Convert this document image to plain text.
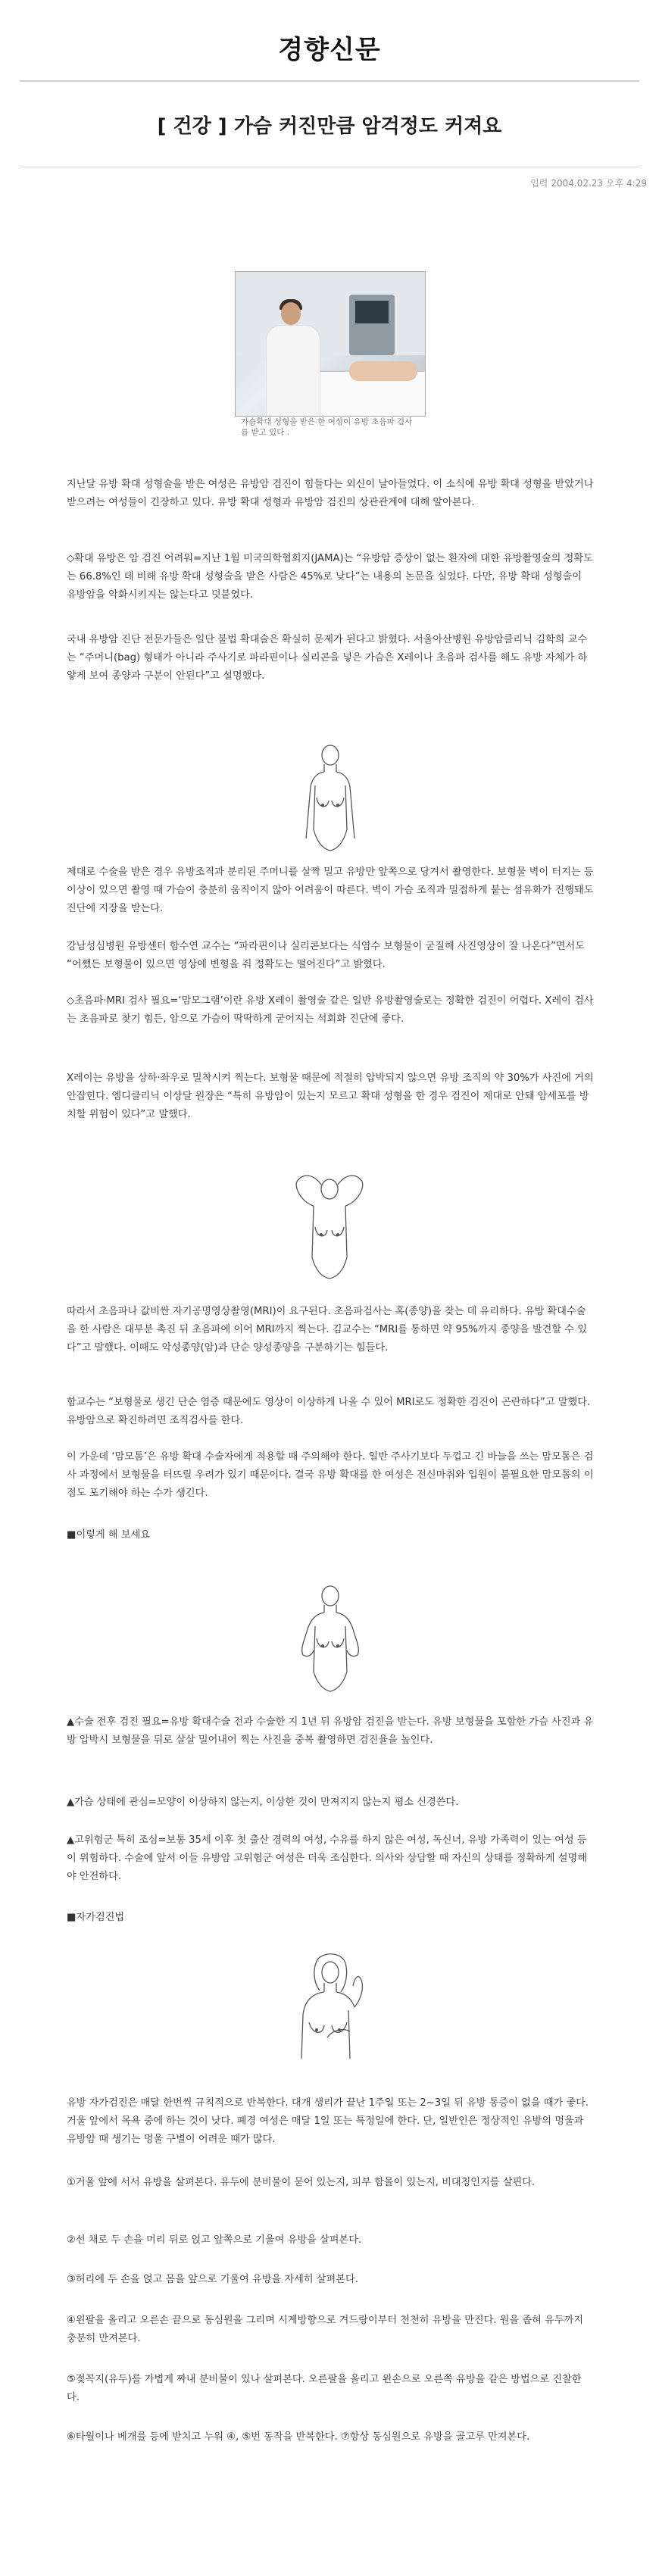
경향신문
[ 건강 ] 가슴 커진만큼 암걱정도 커져요
입력 2004.02.23 오후 4:29
가슴확대 성형을 받은 한 여성이 유방 초음파 검사를 받고 있다 .

지난달 유방 확대 성형술을 받은 여성은 유방암 검진이 힘들다는 외신이 날아들었다. 이 소식에 유방 확대 성형을 받았거나 받으려는 여성들이 긴장하고 있다. 유방 확대 성형과 유방암 검진의 상관관계에 대해 알아본다.

◇확대 유방은 암 검진 어려워=지난 1월 미국의학협회지(JAMA)는 “유방암 증상이 없는 환자에 대한 유방촬영술의 정확도는 66.8%인 데 비해 유방 확대 성형술을 받은 사람은 45%로 낮다”는 내용의 논문을 실었다. 다만, 유방 확대 성형술이 유방암을 악화시키지는 않는다고 덧붙였다.

국내 유방암 진단 전문가들은 일단 불법 확대술은 확실히 문제가 된다고 밝혔다. 서울아산병원 유방암클리닉 김학희 교수는 “주머니(bag) 형태가 아니라 주사기로 파라핀이나 실리콘을 넣은 가슴은 X레이나 초음파 검사를 해도 유방 자체가 하얗게 보여 종양과 구분이 안된다”고 설명했다.

제대로 수술을 받은 경우 유방조직과 분리된 주머니를 살짝 밀고 유방만 앞쪽으로 당겨서 촬영한다. 보형물 벽이 터지는 등 이상이 있으면 촬영 때 가슴이 충분히 움직이지 않아 어려움이 따른다. 벽이 가슴 조직과 밀접하게 붙는 섬유화가 진행돼도 진단에 지장을 받는다.

강남성심병원 유방센터 함수연 교수는 “파라핀이나 실리콘보다는 식염수 보형물이 굳질해 사진영상이 잘 나온다”면서도 “어쨌든 보형물이 있으면 영상에 변형을 줘 정확도는 떨어진다”고 밝혔다.

◇초음파·MRI 검사 필요=‘맘모그램’이란 유방 X레이 촬영술 같은 일반 유방촬영술로는 정확한 검진이 어렵다. X레이 검사는 초음파로 찾기 힘든, 암으로 가슴이 딱딱하게 굳어지는 석회화 진단에 좋다.

X레이는 유방을 상하·좌우로 밀착시켜 찍는다. 보형물 때문에 적절히 압박되지 않으면 유방 조직의 약 30%가 사진에 거의 안잡힌다. 엠디클리닉 이상달 원장은 “특히 유방암이 있는지 모르고 확대 성형을 한 경우 검진이 제대로 안돼 암세포를 방치할 위험이 있다”고 말했다.

따라서 초음파나 값비싼 자기공명영상촬영(MRI)이 요구된다. 초음파검사는 혹(종양)을 찾는 데 유리하다. 유방 확대수술을 한 사람은 대부분 촉진 뒤 초음파에 이어 MRI까지 찍는다. 김교수는 “MRI를 통하면 약 95%까지 종양을 발견할 수 있다”고 말했다. 이때도 악성종양(암)과 단순 양성종양을 구분하기는 힘들다.

함교수는 “보형물로 생긴 단순 염증 때문에도 영상이 이상하게 나올 수 있어 MRI로도 정확한 검진이 곤란하다”고 말했다. 유방암으로 확진하려면 조직검사를 한다.

이 가운데 ‘맘모톰’은 유방 확대 수술자에게 적용할 때 주의해야 한다. 일반 주사기보다 두껍고 긴 바늘을 쓰는 맘모톰은 검사 과정에서 보형물을 터뜨릴 우려가 있기 때문이다. 결국 유방 확대를 한 여성은 전신마취와 입원이 불필요한 맘모톰의 이점도 포기해야 하는 수가 생긴다.

■이렇게 해 보세요

▲수술 전후 검진 필요=유방 확대수술 전과 수술한 지 1년 뒤 유방암 검진을 받는다. 유방 보형물을 포함한 가슴 사진과 유방 압박시 보형물을 뒤로 살살 밀어내어 찍는 사진을 중복 촬영하면 검진율을 높인다.

▲가슴 상태에 관심=모양이 이상하지 않는지, 이상한 것이 만져지지 않는지 평소 신경쓴다.

▲고위험군 특히 조심=보통 35세 이후 첫 출산 경력의 여성, 수유를 하지 않은 여성, 독신녀, 유방 가족력이 있는 여성 등이 위험하다. 수술에 앞서 이들 유방암 고위험군 여성은 더욱 조심한다. 의사와 상담할 때 자신의 상태를 정확하게 설명해야 안전하다.

■자가검진법

유방 자가검진은 매달 한번씩 규칙적으로 반복한다. 대개 생리가 끝난 1주일 또는 2~3일 뒤 유방 통증이 없을 때가 좋다. 거울 앞에서 목욕 중에 하는 것이 낫다. 폐경 여성은 매달 1일 또는 특정일에 한다. 단, 일반인은 정상적인 유방의 멍울과 유방암 때 생기는 멍울 구별이 어려운 때가 많다.

①거울 앞에 서서 유방을 살펴본다. 유두에 분비물이 묻어 있는지, 피부 함몰이 있는지, 비대칭인지를 살핀다.

②선 채로 두 손을 머리 뒤로 얹고 앞쪽으로 기울여 유방을 살펴본다.

③허리에 두 손을 얹고 몸을 앞으로 기울여 유방을 자세히 살펴본다.

④왼팔을 올리고 오른손 끝으로 동심원을 그리며 시계방향으로 겨드랑이부터 천천히 유방을 만진다. 원을 좁혀 유두까지 충분히 만져본다.

⑤젖꼭지(유두)를 가볍게 짜내 분비물이 있나 살펴본다. 오른팔을 올리고 왼손으로 오른쪽 유방을 같은 방법으로 진찰한다.

⑥타월이나 베개를 등에 받치고 누워 ④, ⑤번 동작을 반복한다. ⑦항상 동심원으로 유방을 골고루 만져본다.
